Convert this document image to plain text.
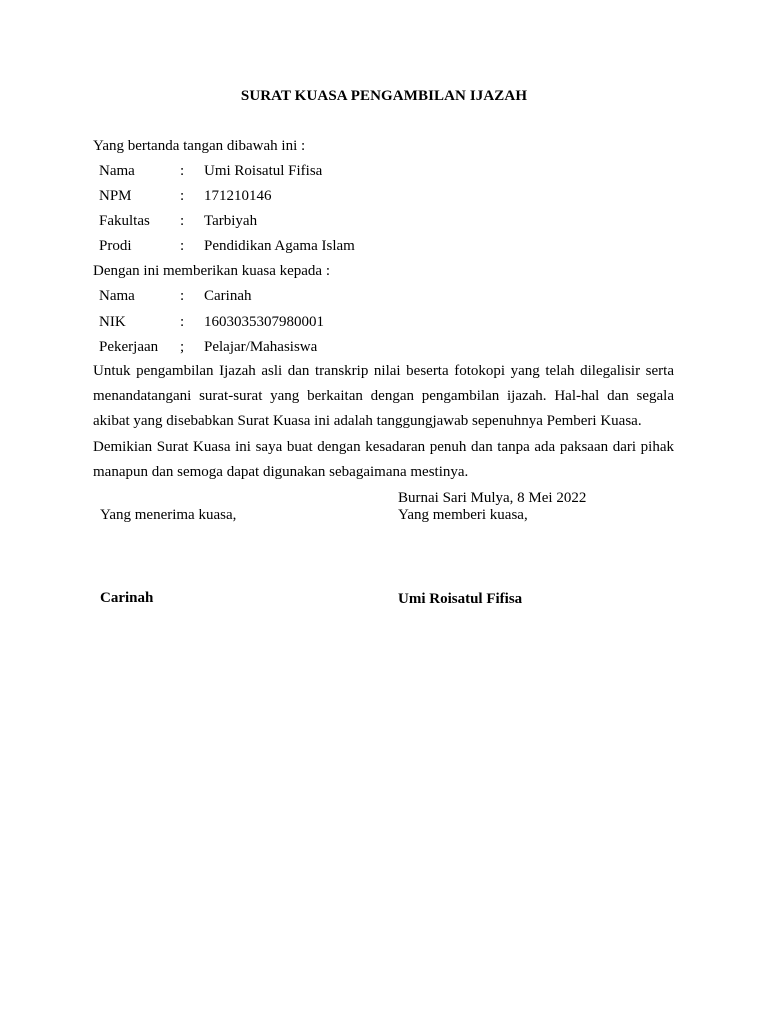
SURAT KUASA PENGAMBILAN IJAZAH
Yang bertanda tangan dibawah ini :
Nama	: Umi Roisatul Fifisa
NPM	: 171210146
Fakultas : Tarbiyah
Prodi	: Pendidikan Agama Islam
Dengan ini memberikan kuasa kepada :
Nama	: Carinah
NIK	: 1603035307980001
Pekerjaan ; Pelajar/Mahasiswa
Untuk pengambilan Ijazah asli dan transkrip nilai beserta fotokopi yang telah dilegalisir serta menandatangani surat-surat yang berkaitan dengan pengambilan ijazah. Hal-hal dan segala akibat yang disebabkan Surat Kuasa ini adalah tanggungjawab sepenuhnya Pemberi Kuasa.
Demikian Surat Kuasa ini saya buat dengan kesadaran penuh dan tanpa ada paksaan dari pihak manapun dan semoga dapat digunakan sebagaimana mestinya.
Burnai Sari Mulya, 8 Mei 2022
Yang menerima kuasa,	Yang memberi kuasa,
Carinah	Umi Roisatul Fifisa
